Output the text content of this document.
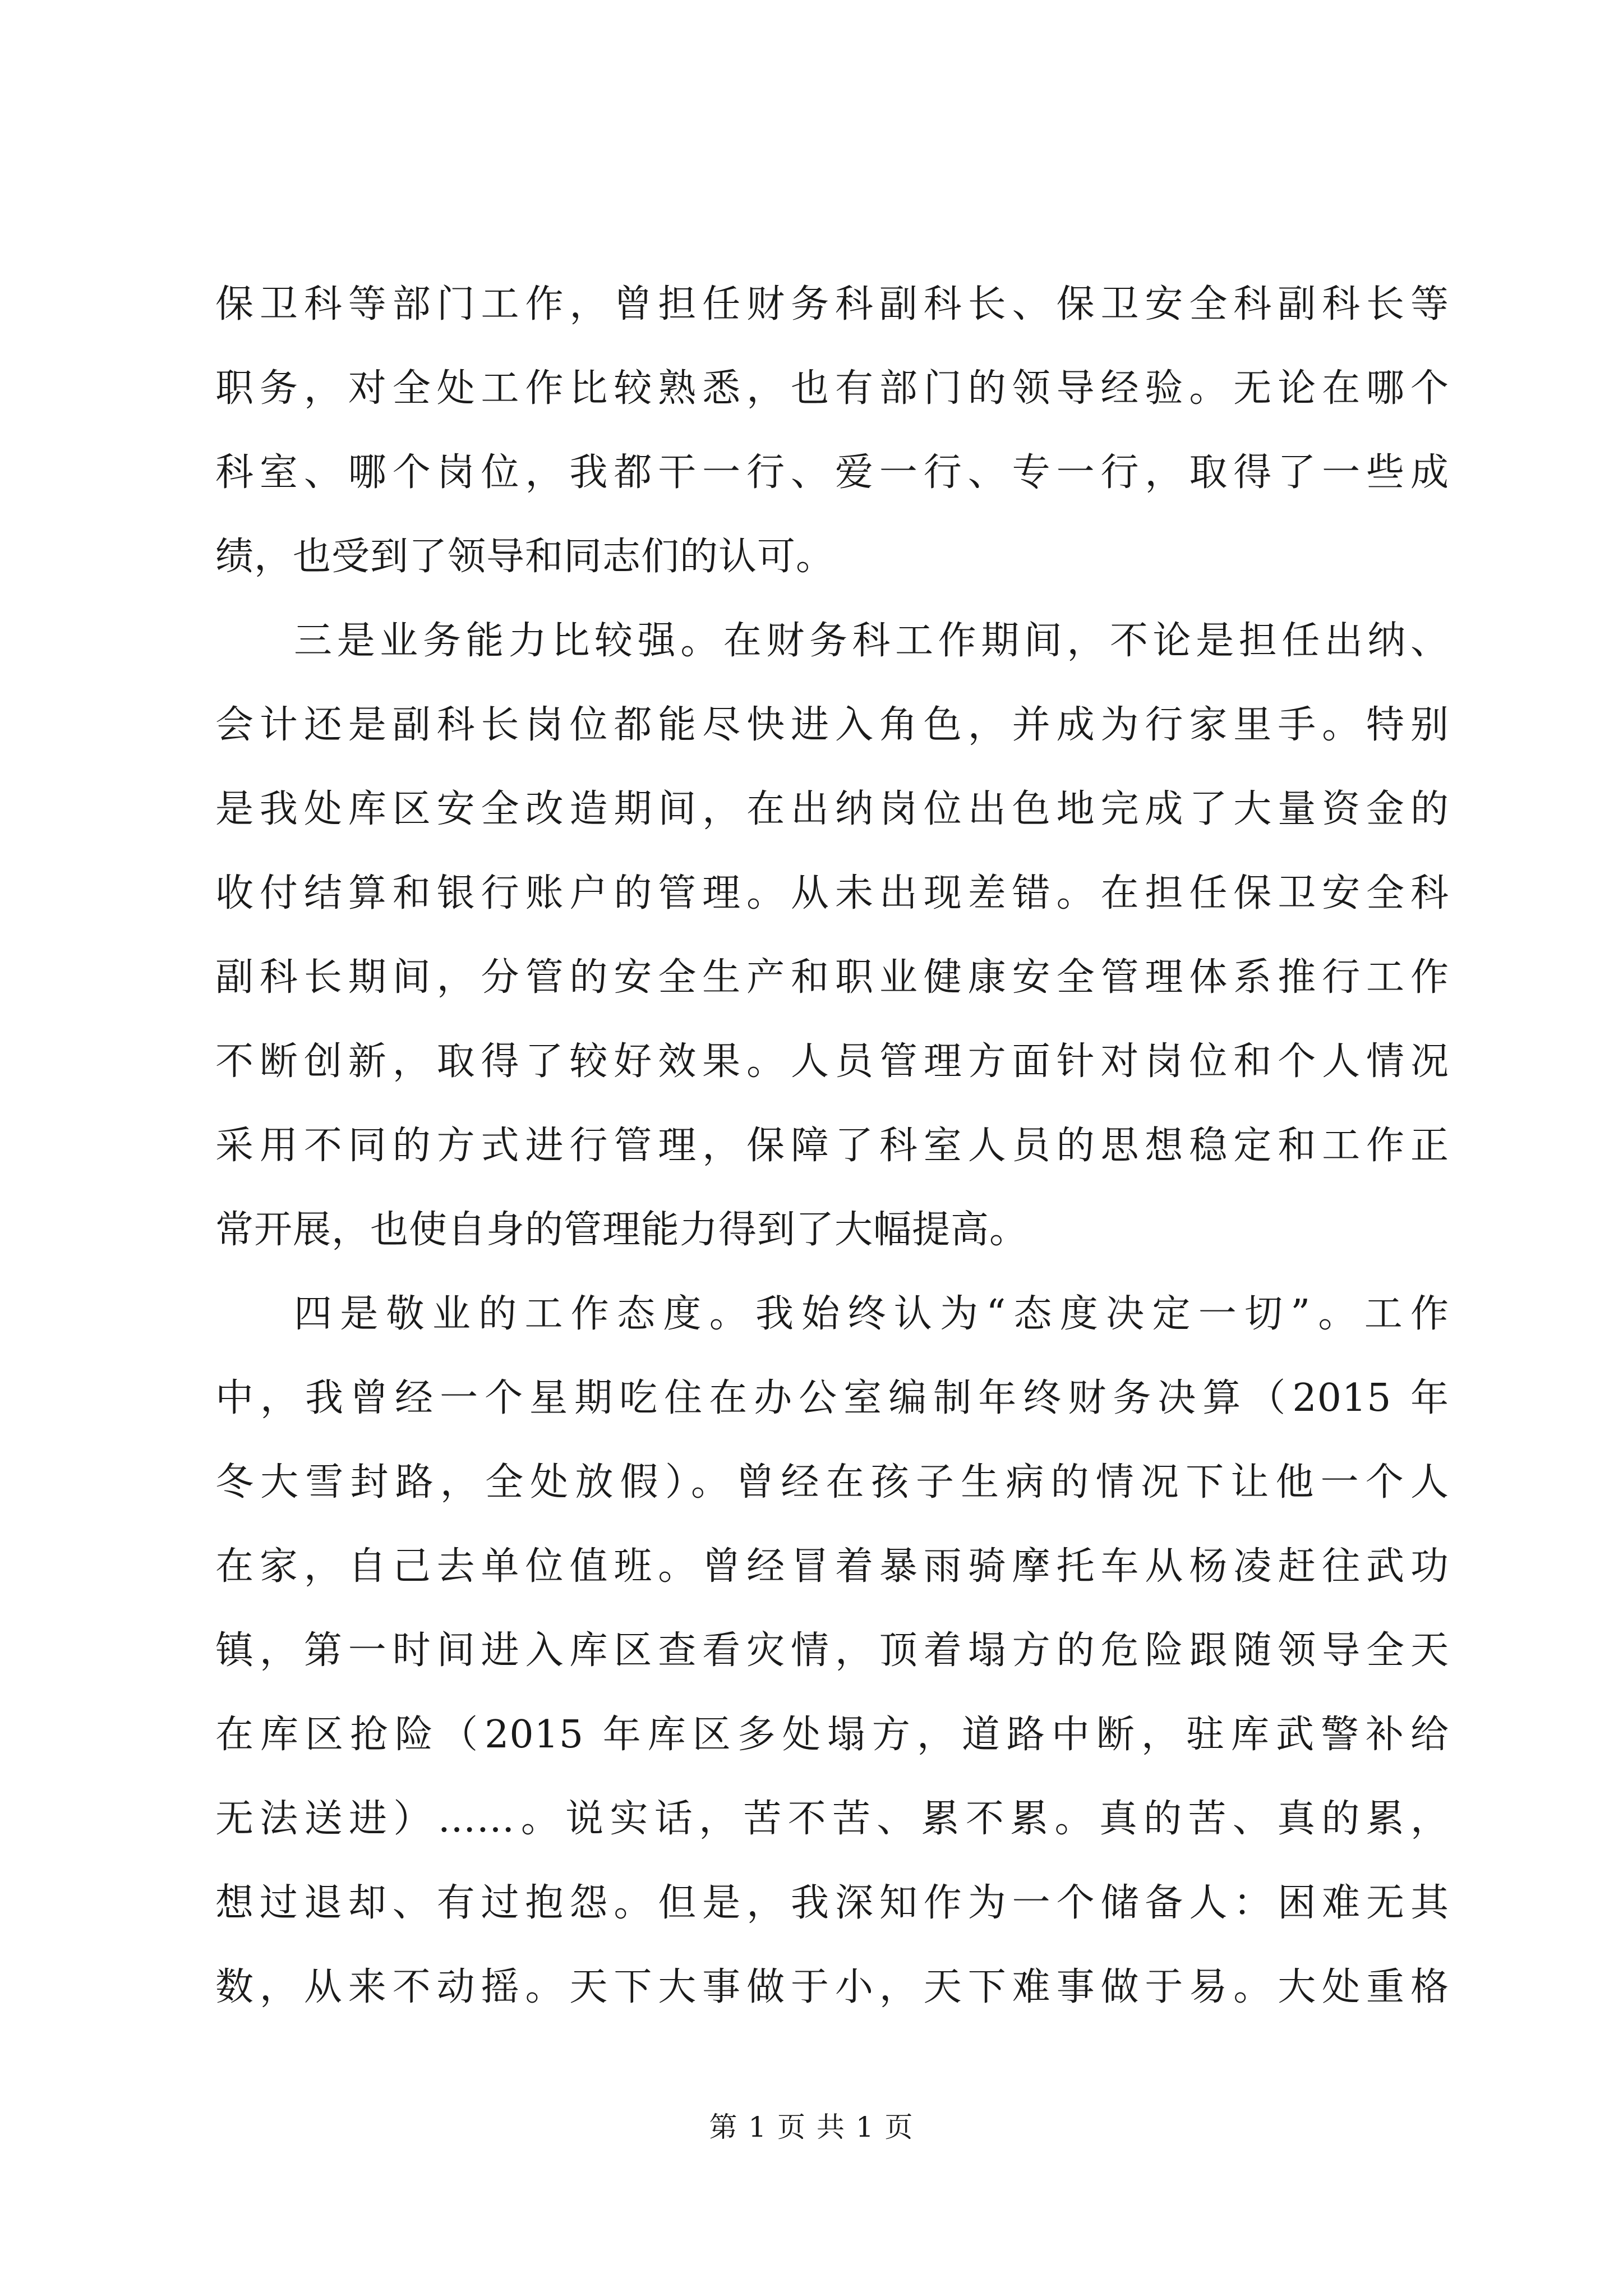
保卫科等部门工作，曾担任财务科副科长、保卫安全科副科长等
职务，对全处工作比较熟悉，也有部门的领导经验。无论在哪个
科室、哪个岗位，我都干一行、爱一行、专一行，取得了一些成
绩，也受到了领导和同志们的认可。
三是业务能力比较强。在财务科工作期间，不论是担任出纳、
会计还是副科长岗位都能尽快进入角色，并成为行家里手。特别
是我处库区安全改造期间，在出纳岗位出色地完成了大量资金的
收付结算和银行账户的管理。从未出现差错。在担任保卫安全科
副科长期间，分管的安全生产和职业健康安全管理体系推行工作
不断创新，取得了较好效果。人员管理方面针对岗位和个人情况
采用不同的方式进行管理，保障了科室人员的思想稳定和工作正
常开展，也使自身的管理能力得到了大幅提高。
四是敬业的工作态度。我始终认为“态度决定一切”。工作
中，我曾经一个星期吃住在办公室编制年终财务决算（2015 年
冬大雪封路，全处放假）。曾经在孩子生病的情况下让他一个人
在家，自己去单位值班。曾经冒着暴雨骑摩托车从杨凌赶往武功
镇，第一时间进入库区查看灾情，顶着塌方的危险跟随领导全天
在库区抢险（2015 年库区多处塌方，道路中断，驻库武警补给
无法送进）……。说实话，苦不苦、累不累。真的苦、真的累，
想过退却、有过抱怨。但是，我深知作为一个储备人：困难无其
数，从来不动摇。天下大事做于小，天下难事做于易。大处重格
第 1 页 共 1 页
